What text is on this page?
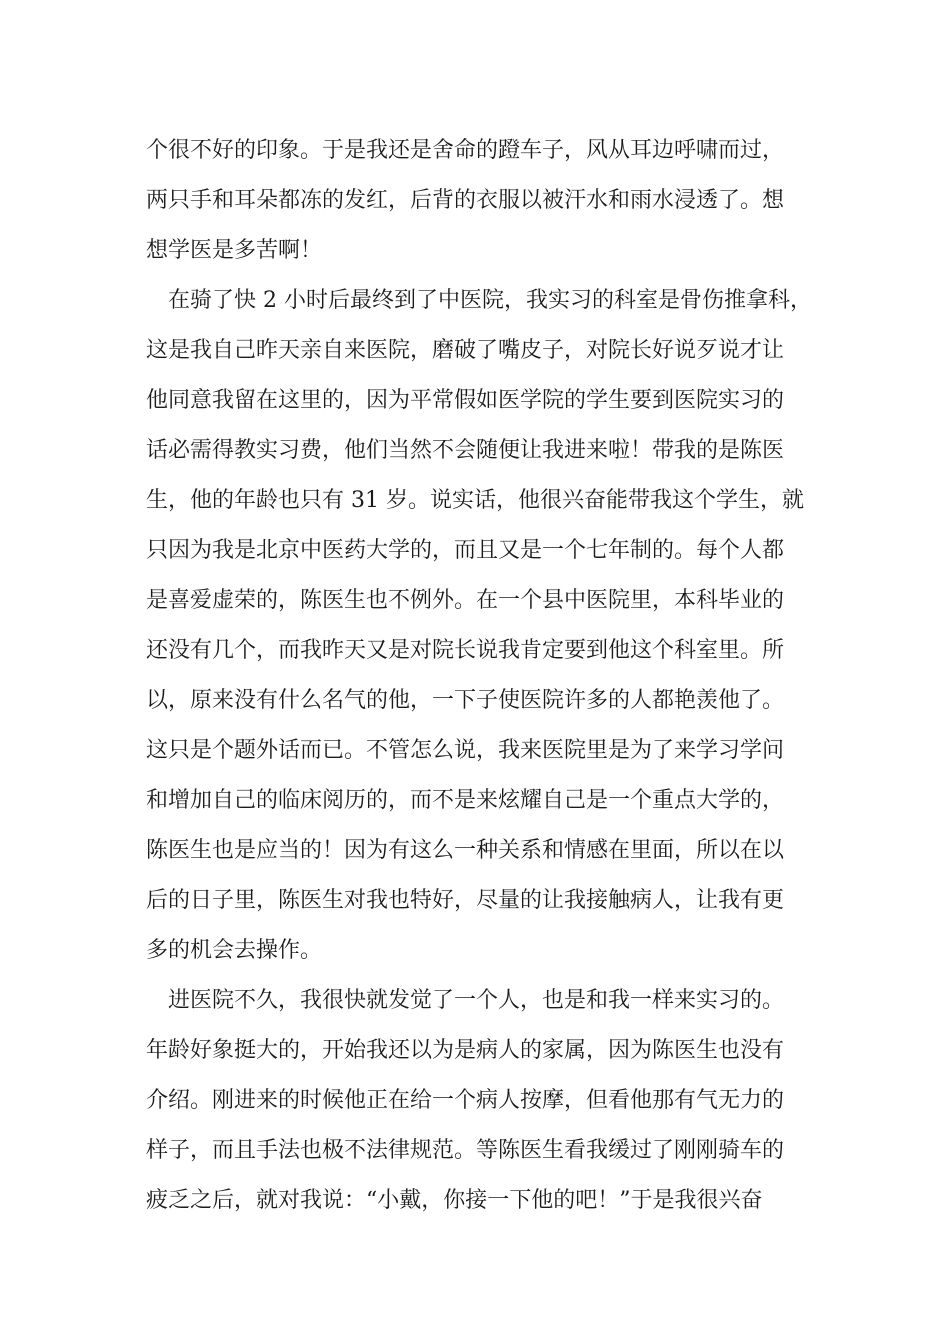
个很不好的印象。于是我还是舍命的蹬车子，风从耳边呼啸而过，
两只手和耳朵都冻的发红，后背的衣服以被汗水和雨水浸透了。想
想学医是多苦啊！
在骑了快 2 小时后最终到了中医院，我实习的科室是骨伤推拿科，
这是我自己昨天亲自来医院，磨破了嘴皮子，对院长好说歹说才让
他同意我留在这里的，因为平常假如医学院的学生要到医院实习的
话必需得教实习费，他们当然不会随便让我进来啦！带我的是陈医
生，他的年龄也只有 31 岁。说实话，他很兴奋能带我这个学生，就
只因为我是北京中医药大学的，而且又是一个七年制的。每个人都
是喜爱虚荣的，陈医生也不例外。在一个县中医院里，本科毕业的
还没有几个，而我昨天又是对院长说我肯定要到他这个科室里。所
以，原来没有什么名气的他，一下子使医院许多的人都艳羡他了。
这只是个题外话而已。不管怎么说，我来医院里是为了来学习学问
和增加自己的临床阅历的，而不是来炫耀自己是一个重点大学的，
陈医生也是应当的！因为有这么一种关系和情感在里面，所以在以
后的日子里，陈医生对我也特好，尽量的让我接触病人，让我有更
多的机会去操作。
进医院不久，我很快就发觉了一个人，也是和我一样来实习的。
年龄好象挺大的，开始我还以为是病人的家属，因为陈医生也没有
介绍。刚进来的时候他正在给一个病人按摩，但看他那有气无力的
样子，而且手法也极不法律规范。等陈医生看我缓过了刚刚骑车的
疲乏之后，就对我说：“小戴，你接一下他的吧！”于是我很兴奋
